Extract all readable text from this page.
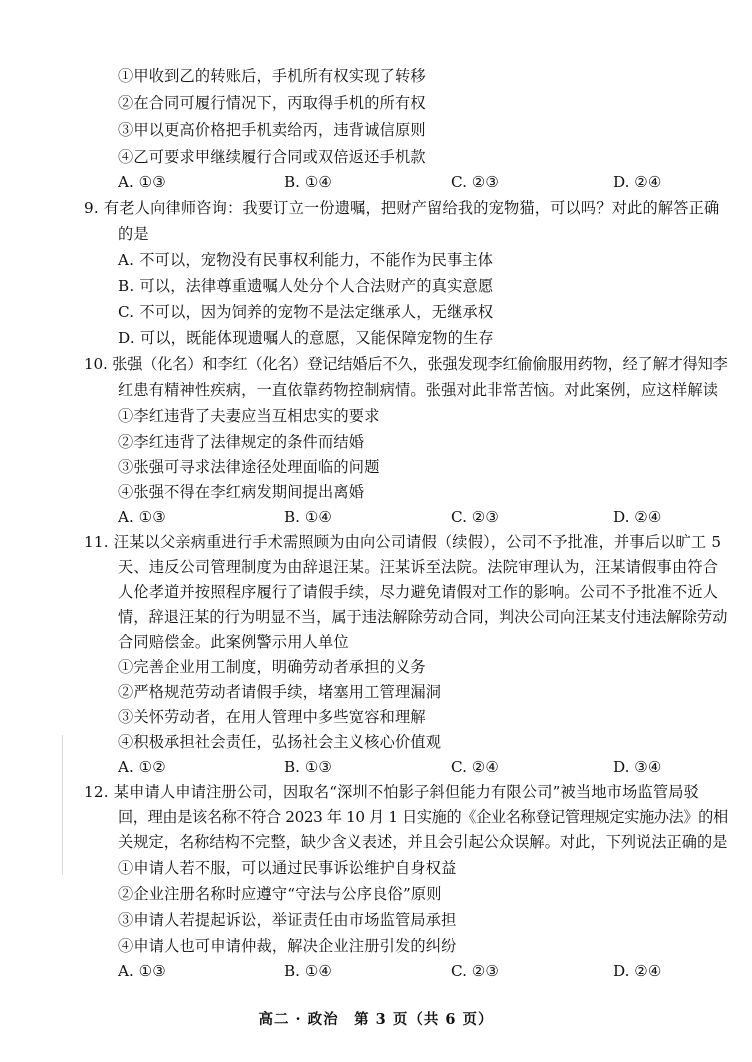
①甲收到乙的转账后，手机所有权实现了转移
②在合同可履行情况下，丙取得手机的所有权
③甲以更高价格把手机卖给丙，违背诚信原则
④乙可要求甲继续履行合同或双倍返还手机款
A. ①③	B. ①④	C. ②③	D. ②④
9. 有老人向律师咨询：我要订立一份遗嘱，把财产留给我的宠物猫，可以吗？对此的解答正确
的是
A. 不可以，宠物没有民事权利能力，不能作为民事主体
B. 可以，法律尊重遗嘱人处分个人合法财产的真实意愿
C. 不可以，因为饲养的宠物不是法定继承人，无继承权
D. 可以，既能体现遗嘱人的意愿，又能保障宠物的生存
10. 张强（化名）和李红（化名）登记结婚后不久，张强发现李红偷偷服用药物，经了解才得知李
红患有精神性疾病，一直依靠药物控制病情。张强对此非常苦恼。对此案例，应这样解读
①李红违背了夫妻应当互相忠实的要求
②李红违背了法律规定的条件而结婚
③张强可寻求法律途径处理面临的问题
④张强不得在李红病发期间提出离婚
A. ①③	B. ①④	C. ②③	D. ②④
11. 汪某以父亲病重进行手术需照顾为由向公司请假（续假），公司不予批准，并事后以旷工 5
天、违反公司管理制度为由辞退汪某。汪某诉至法院。法院审理认为，汪某请假事由符合
人伦孝道并按照程序履行了请假手续，尽力避免请假对工作的影响。公司不予批准不近人
情，辞退汪某的行为明显不当，属于违法解除劳动合同，判决公司向汪某支付违法解除劳动
合同赔偿金。此案例警示用人单位
①完善企业用工制度，明确劳动者承担的义务
②严格规范劳动者请假手续，堵塞用工管理漏洞
③关怀劳动者，在用人管理中多些宽容和理解
④积极承担社会责任，弘扬社会主义核心价值观
A. ①②	B. ①③	C. ②④	D. ③④
12. 某申请人申请注册公司，因取名“深圳不怕影子斜但能力有限公司”被当地市场监管局驳
回，理由是该名称不符合 2023 年 10 月 1 日实施的《企业名称登记管理规定实施办法》的相
关规定，名称结构不完整，缺少含义表述，并且会引起公众误解。对此，下列说法正确的是
①申请人若不服，可以通过民事诉讼维护自身权益
②企业注册名称时应遵守“守法与公序良俗”原则
③申请人若提起诉讼，举证责任由市场监管局承担
④申请人也可申请仲裁，解决企业注册引发的纠纷
A. ①③	B. ①④	C. ②③	D. ②④
高二 · 政治　第 3 页（共 6 页）
